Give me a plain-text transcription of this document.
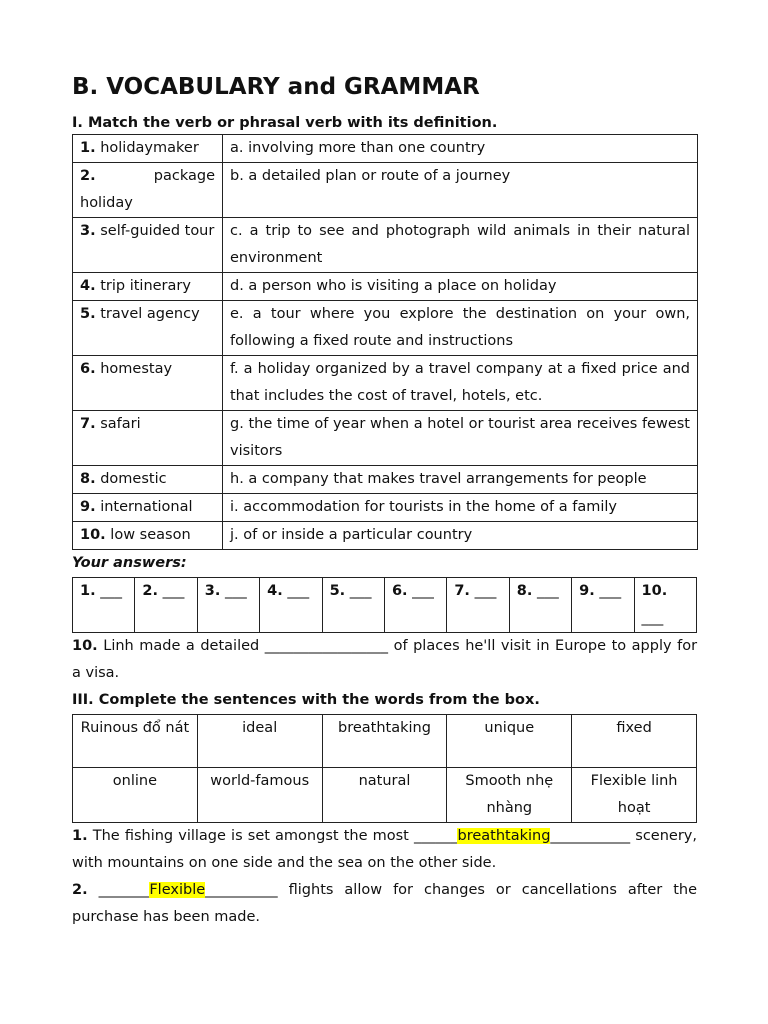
B. VOCABULARY and GRAMMAR
I. Match the verb or phrasal verb with its definition.
1. holidaymaker	a. involving more than one country
2. package holiday	b. a detailed plan or route of a journey
3. self-guided tour	c. a trip to see and photograph wild animals in their natural environment
4. trip itinerary	d. a person who is visiting a place on holiday
5. travel agency	e. a tour where you explore the destination on your own, following a fixed route and instructions
6. homestay	f. a holiday organized by a travel company at a fixed price and that includes the cost of travel, hotels, etc.
7. safari	g. the time of year when a hotel or tourist area receives fewest visitors
8. domestic	h. a company that makes travel arrangements for people
9. international	i. accommodation for tourists in the home of a family
10. low season	j. of or inside a particular country
Your answers:
1. ___	2. ___	3. ___	4. ___	5. ___	6. ___	7. ___	8. ___	9. ___	10. ___
10. Linh made a detailed _________________ of places he'll visit in Europe to apply for a visa.
III. Complete the sentences with the words from the box.
Ruinous đổ nát	ideal	breathtaking	unique	fixed
online	world-famous	natural	Smooth nhẹ nhàng	Flexible linh hoạt
1. The fishing village is set amongst the most ______breathtaking___________ scenery, with mountains on one side and the sea on the other side.
2. _______Flexible__________ flights allow for changes or cancellations after the purchase has been made.
